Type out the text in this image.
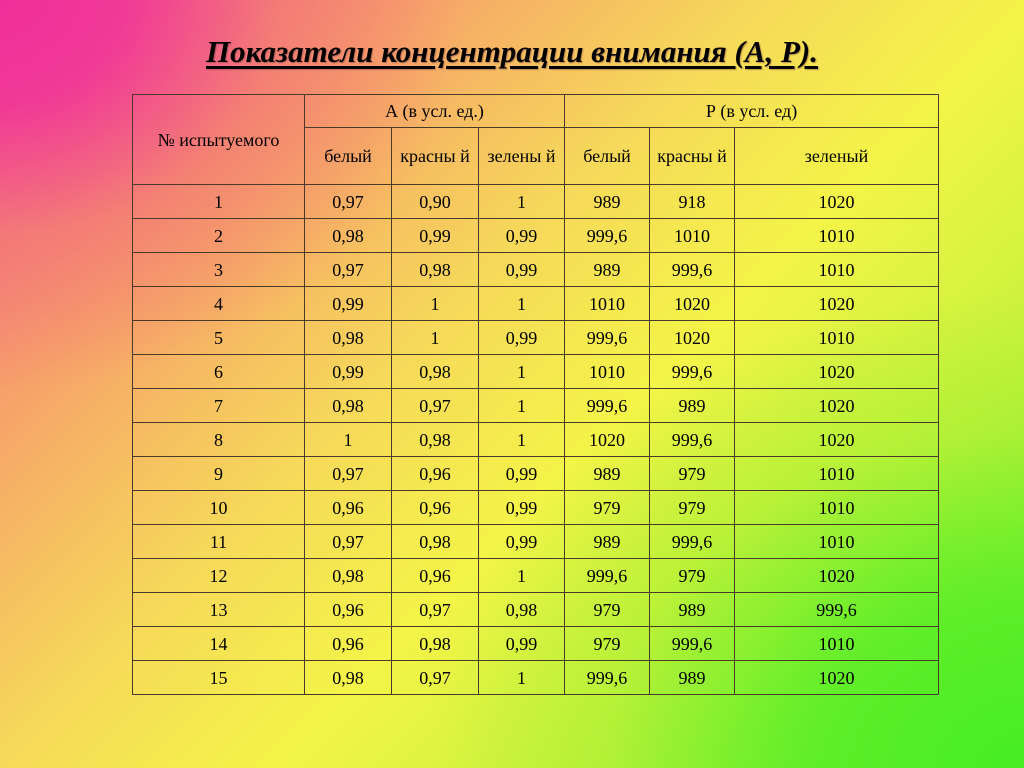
Показатели концентрации внимания (А, Р).
№ испытуемого	А (в усл. ед.)			Р (в усл. ед)		
	белый	красны й	зелены й	белый	красны й	зеленый
1	0,97	0,90	1	989	918	1020
2	0,98	0,99	0,99	999,6	1010	1010
3	0,97	0,98	0,99	989	999,6	1010
4	0,99	1	1	1010	1020	1020
5	0,98	1	0,99	999,6	1020	1010
6	0,99	0,98	1	1010	999,6	1020
7	0,98	0,97	1	999,6	989	1020
8	1	0,98	1	1020	999,6	1020
9	0,97	0,96	0,99	989	979	1010
10	0,96	0,96	0,99	979	979	1010
11	0,97	0,98	0,99	989	999,6	1010
12	0,98	0,96	1	999,6	979	1020
13	0,96	0,97	0,98	979	989	999,6
14	0,96	0,98	0,99	979	999,6	1010
15	0,98	0,97	1	999,6	989	1020
